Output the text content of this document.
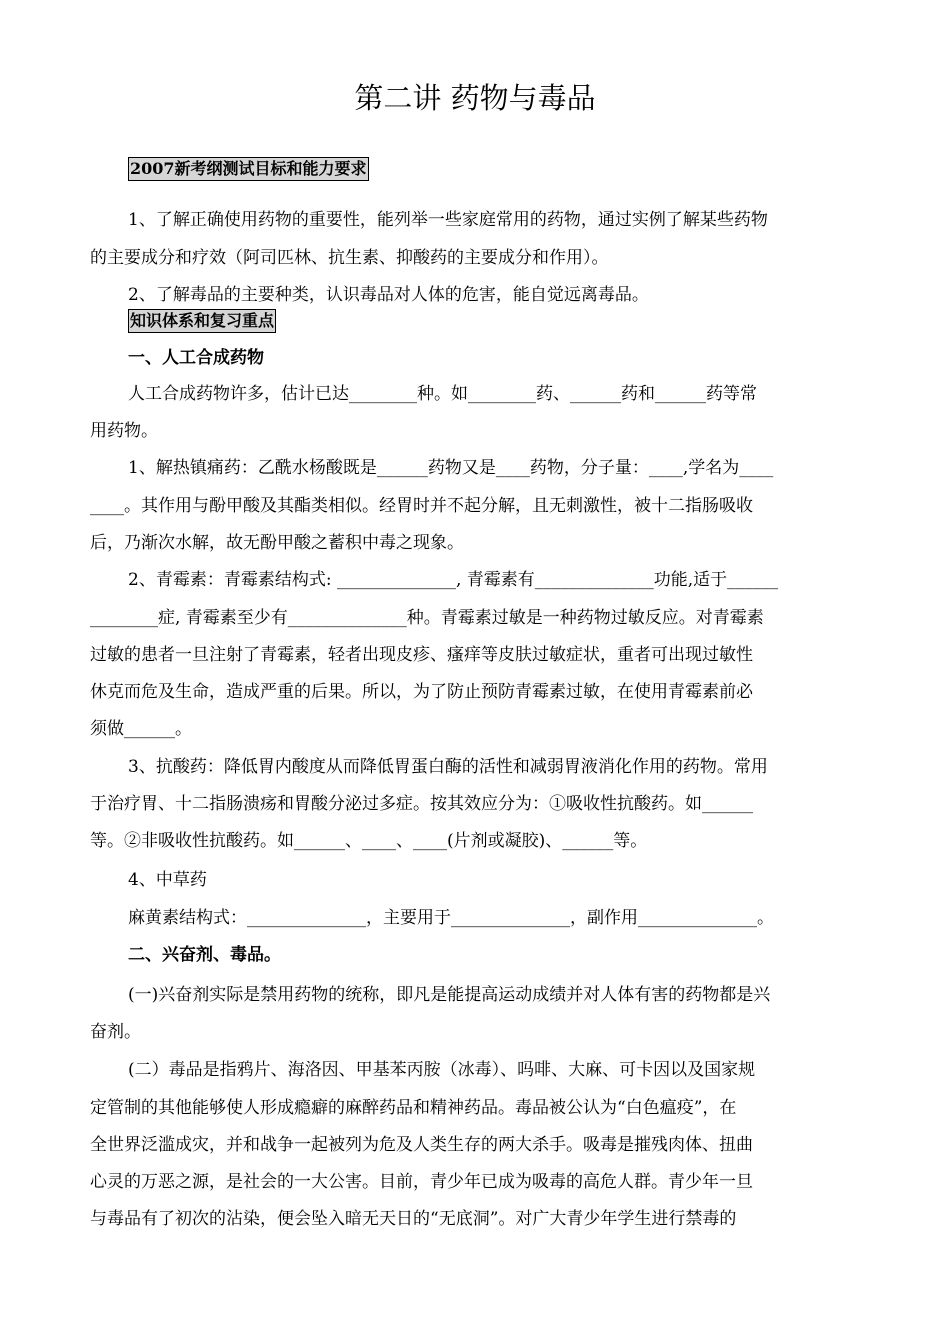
第二讲 药物与毒品
2007新考纲测试目标和能力要求
1、了解正确使用药物的重要性，能列举一些家庭常用的药物，通过实例了解某些药物
的主要成分和疗效（阿司匹林、抗生素、抑酸药的主要成分和作用）。
2、了解毒品的主要种类，认识毒品对人体的危害，能自觉远离毒品。
知识体系和复习重点
一、人工合成药物
人工合成药物许多，估计已达________种。如________药、______药和______药等常
用药物。
1、解热镇痛药：乙酰水杨酸既是______药物又是____药物，分子量：____,学名为____
____。其作用与酚甲酸及其酯类相似。经胃时并不起分解，且无刺激性，被十二指肠吸收
后，乃渐次水解，故无酚甲酸之蓄积中毒之现象。
2、青霉素：青霉素结构式: ______________, 青霉素有______________功能,适于______
________症, 青霉素至少有______________种。青霉素过敏是一种药物过敏反应。对青霉素
过敏的患者一旦注射了青霉素，轻者出现皮疹、瘙痒等皮肤过敏症状，重者可出现过敏性
休克而危及生命，造成严重的后果。所以，为了防止预防青霉素过敏，在使用青霉素前必
须做______。
3、抗酸药：降低胃内酸度从而降低胃蛋白酶的活性和减弱胃液消化作用的药物。常用
于治疗胃、十二指肠溃疡和胃酸分泌过多症。按其效应分为：①吸收性抗酸药。如______
等。②非吸收性抗酸药。如______、____、____(片剂或凝胶)、______等。
4、中草药
麻黄素结构式：______________，主要用于______________，副作用______________。
二、兴奋剂、毒品。
(一)兴奋剂实际是禁用药物的统称，即凡是能提高运动成绩并对人体有害的药物都是兴
奋剂。
(二）毒品是指鸦片、海洛因、甲基苯丙胺（冰毒）、吗啡、大麻、可卡因以及国家规
定管制的其他能够使人形成瘾癖的麻醉药品和精神药品。毒品被公认为“白色瘟疫”，在
全世界泛滥成灾，并和战争一起被列为危及人类生存的两大杀手。吸毒是摧残肉体、扭曲
心灵的万恶之源，是社会的一大公害。目前，青少年已成为吸毒的高危人群。青少年一旦
与毒品有了初次的沾染，便会坠入暗无天日的“无底洞”。对广大青少年学生进行禁毒的
